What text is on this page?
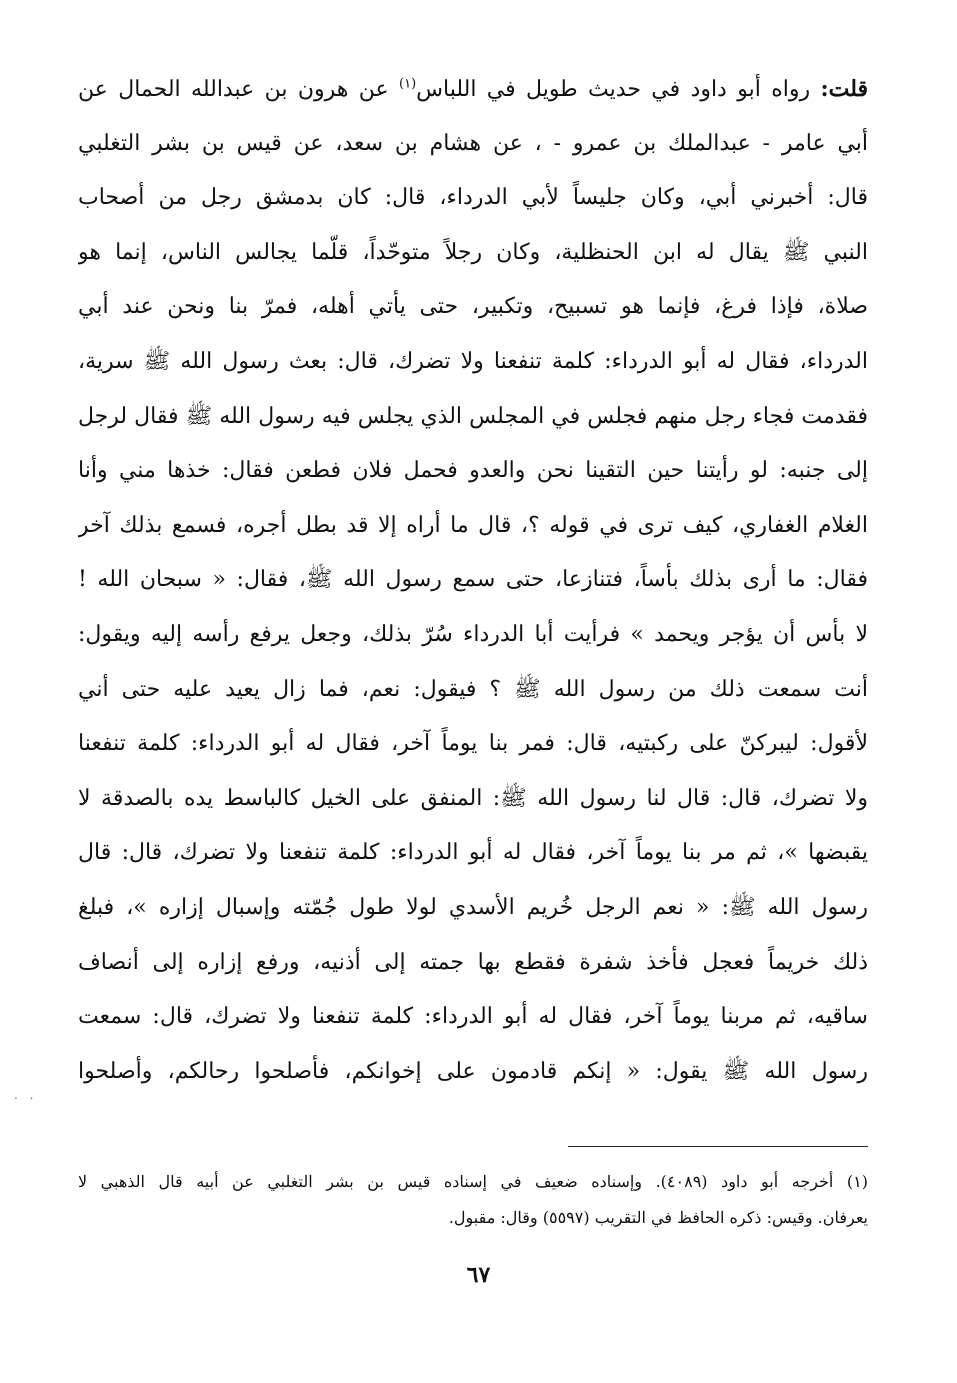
قلت: رواه أبو داود في حديث طويل في اللباس$^{(١)}$ عن هرون بن عبدالله الحمال عن
أبي عامر - عبدالملك بن عمرو - ، عن هشام بن سعد، عن قيس بن بشر التغلبي
قال: أخبرني أبي، وكان جليساً لأبي الدرداء، قال: كان بدمشق رجل من أصحاب
النبي ﷺ يقال له ابن الحنظلية، وكان رجلاً متوحّداً، قلّما يجالس الناس، إنما هو
صلاة، فإذا فرغ، فإنما هو تسبيح، وتكبير، حتى يأتي أهله، فمرّ بنا ونحن عند أبي
الدرداء، فقال له أبو الدرداء: كلمة تنفعنا ولا تضرك، قال: بعث رسول الله ﷺ سرية،
فقدمت فجاء رجل منهم فجلس في المجلس الذي يجلس فيه رسول الله ﷺ فقال لرجل
إلى جنبه: لو رأيتنا حين التقينا نحن والعدو فحمل فلان فطعن فقال: خذها مني وأنا
الغلام الغفاري، كيف ترى في قوله ؟، قال ما أراه إلا قد بطل أجره، فسمع بذلك آخر
فقال: ما أرى بذلك بأساً، فتنازعا، حتى سمع رسول الله ﷺ، فقال: « سبحان الله !
لا بأس أن يؤجر ويحمد » فرأيت أبا الدرداء سُرّ بذلك، وجعل يرفع رأسه إليه ويقول:
أنت سمعت ذلك من رسول الله ﷺ ؟ فيقول: نعم، فما زال يعيد عليه حتى أني
لأقول: ليبركنّ على ركبتيه، قال: فمر بنا يوماً آخر، فقال له أبو الدرداء: كلمة تنفعنا
ولا تضرك، قال: قال لنا رسول الله ﷺ: المنفق على الخيل كالباسط يده بالصدقة لا
يقبضها »، ثم مر بنا يوماً آخر، فقال له أبو الدرداء: كلمة تنفعنا ولا تضرك، قال: قال
رسول الله ﷺ: « نعم الرجل خُريم الأسدي لولا طول جُمّته وإسبال إزاره »، فبلغ
ذلك خريماً فعجل فأخذ شفرة فقطع بها جمته إلى أذنيه، ورفع إزاره إلى أنصاف
ساقيه، ثم مربنا يوماً آخر، فقال له أبو الدرداء: كلمة تنفعنا ولا تضرك، قال: سمعت
رسول الله ﷺ يقول: « إنكم قادمون على إخوانكم، فأصلحوا رحالكم، وأصلحوا
. .
(١) أخرجه أبو داود (٤٠٨٩). وإسناده ضعيف في إسناده قيس بن بشر التغلبي عن أبيه قال الذهبي لا
يعرفان. وقيس: ذكره الحافظ في التقريب (٥٥٩٧) وقال: مقبول.
٦٧
